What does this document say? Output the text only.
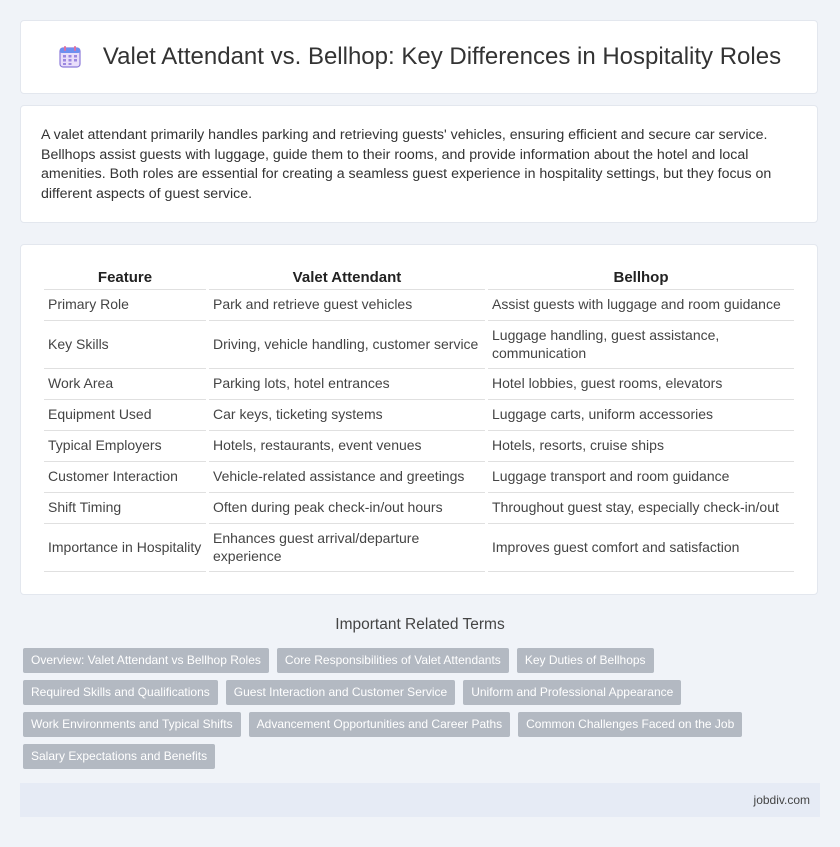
Valet Attendant vs. Bellhop: Key Differences in Hospitality Roles

A valet attendant primarily handles parking and retrieving guests' vehicles, ensuring efficient and secure car service. Bellhops assist guests with luggage, guide them to their rooms, and provide information about the hotel and local amenities. Both roles are essential for creating a seamless guest experience in hospitality settings, but they focus on different aspects of guest service.

Feature	Valet Attendant	Bellhop
Primary Role	Park and retrieve guest vehicles	Assist guests with luggage and room guidance
Key Skills	Driving, vehicle handling, customer service	Luggage handling, guest assistance, communication
Work Area	Parking lots, hotel entrances	Hotel lobbies, guest rooms, elevators
Equipment Used	Car keys, ticketing systems	Luggage carts, uniform accessories
Typical Employers	Hotels, restaurants, event venues	Hotels, resorts, cruise ships
Customer Interaction	Vehicle-related assistance and greetings	Luggage transport and room guidance
Shift Timing	Often during peak check-in/out hours	Throughout guest stay, especially check-in/out
Importance in Hospitality	Enhances guest arrival/departure experience	Improves guest comfort and satisfaction
Important Related Terms
Overview: Valet Attendant vs Bellhop Roles	Core Responsibilities of Valet Attendants	Key Duties of Bellhops
Required Skills and Qualifications	Guest Interaction and Customer Service	Uniform and Professional Appearance
Work Environments and Typical Shifts	Advancement Opportunities and Career Paths	Common Challenges Faced on the Job
Salary Expectations and Benefits
jobdiv.com
